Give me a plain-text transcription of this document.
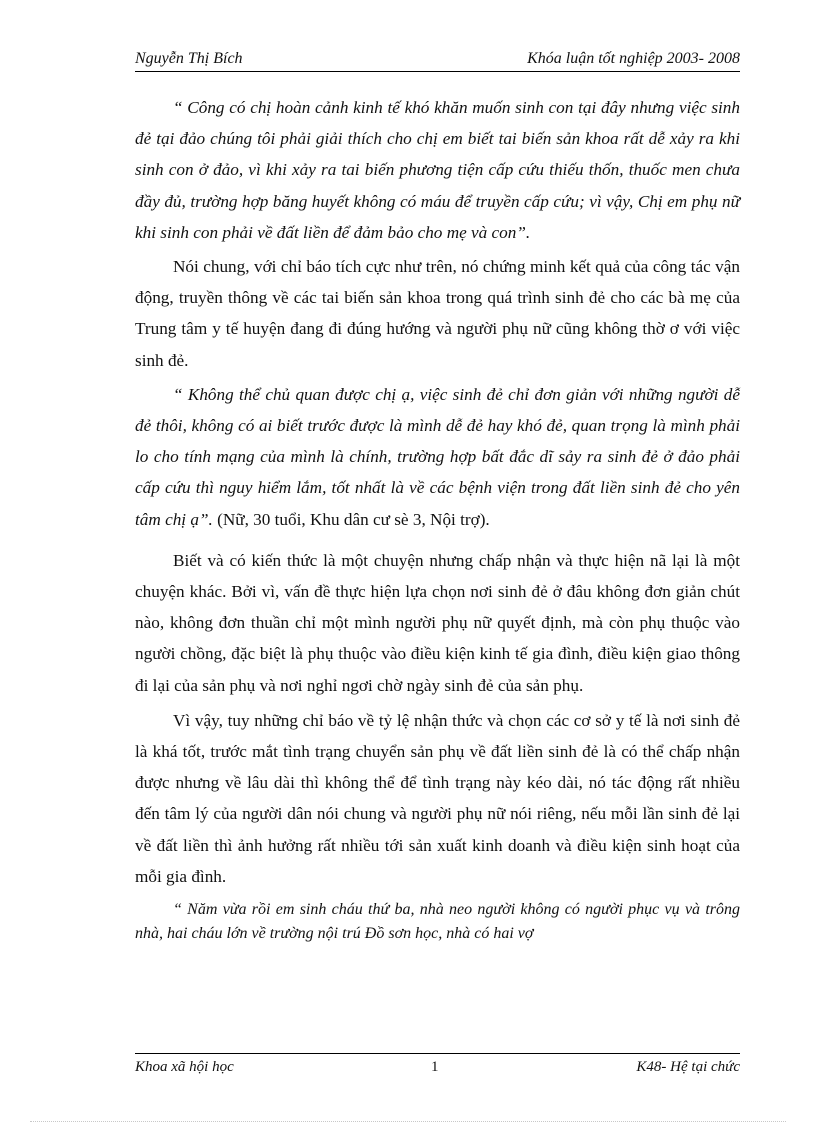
Nguyễn Thị Bích	Khóa luận tốt nghiệp 2003- 2008

“ Công có chị hoàn cảnh kinh tế khó khăn muốn sinh con tại đây nhưng việc sinh đẻ tại đảo chúng tôi phải giải thích cho chị em biết tai biến sản khoa rất dễ xảy ra khi sinh con ở đảo, vì khi xảy ra tai biến phương tiện cấp cứu thiếu thốn, thuốc men chưa đầy đủ, trường hợp băng huyết không có máu để truyền cấp cứu; vì vậy, Chị em phụ nữ khi sinh con phải về đất liền để đảm bảo cho mẹ và con”.

Nói chung, với chỉ báo tích cực như trên, nó chứng minh kết quả của công tác vận động, truyền thông về các tai biến sản khoa trong quá trình sinh đẻ cho các bà mẹ của Trung tâm y tế huyện đang đi đúng hướng và người phụ nữ cũng không thờ ơ với việc sinh đẻ.

“ Không thể chủ quan được chị ạ, việc sinh đẻ chỉ đơn giản với những người dễ đẻ thôi, không có ai biết trước được là mình dễ đẻ hay khó đẻ, quan trọng là mình phải lo cho tính mạng của mình là chính, trường hợp bất đắc dĩ sảy ra sinh đẻ ở đảo phải cấp cứu thì nguy hiểm lắm, tốt nhất là về các bệnh viện trong đất liền sinh đẻ cho yên tâm chị ạ”. (Nữ, 30 tuổi, Khu dân cư sè 3, Nội trợ).

Biết và có kiến thức là một chuyện nhưng chấp nhận và thực hiện nã lại là một chuyện khác. Bởi vì, vấn đề thực hiện lựa chọn nơi sinh đẻ ở đâu không đơn giản chút nào, không đơn thuần chỉ một mình người phụ nữ quyết định, mà còn phụ thuộc vào người chồng, đặc biệt là phụ thuộc vào điều kiện kinh tế gia đình, điều kiện giao thông đi lại của sản phụ và nơi nghỉ ngơi chờ ngày sinh đẻ của sản phụ.

Vì vậy, tuy những chỉ báo về tỷ lệ nhận thức và chọn các cơ sở y tế là nơi sinh đẻ là khá tốt, trước mắt tình trạng chuyển sản phụ về đất liền sinh đẻ là có thể chấp nhận được nhưng về lâu dài thì không thể để tình trạng này kéo dài, nó tác động rất nhiều đến tâm lý của người dân nói chung và người phụ nữ nói riêng, nếu mỗi lần sinh đẻ lại về đất liền thì ảnh hưởng rất nhiều tới sản xuất kinh doanh và điều kiện sinh hoạt của mỗi gia đình.

“ Năm vừa rồi em sinh cháu thứ ba, nhà neo người không có người phục vụ và trông nhà, hai cháu lớn về trường nội trú Đồ sơn học, nhà có hai vợ

Khoa xã hội học	1	K48- Hệ tại chức
